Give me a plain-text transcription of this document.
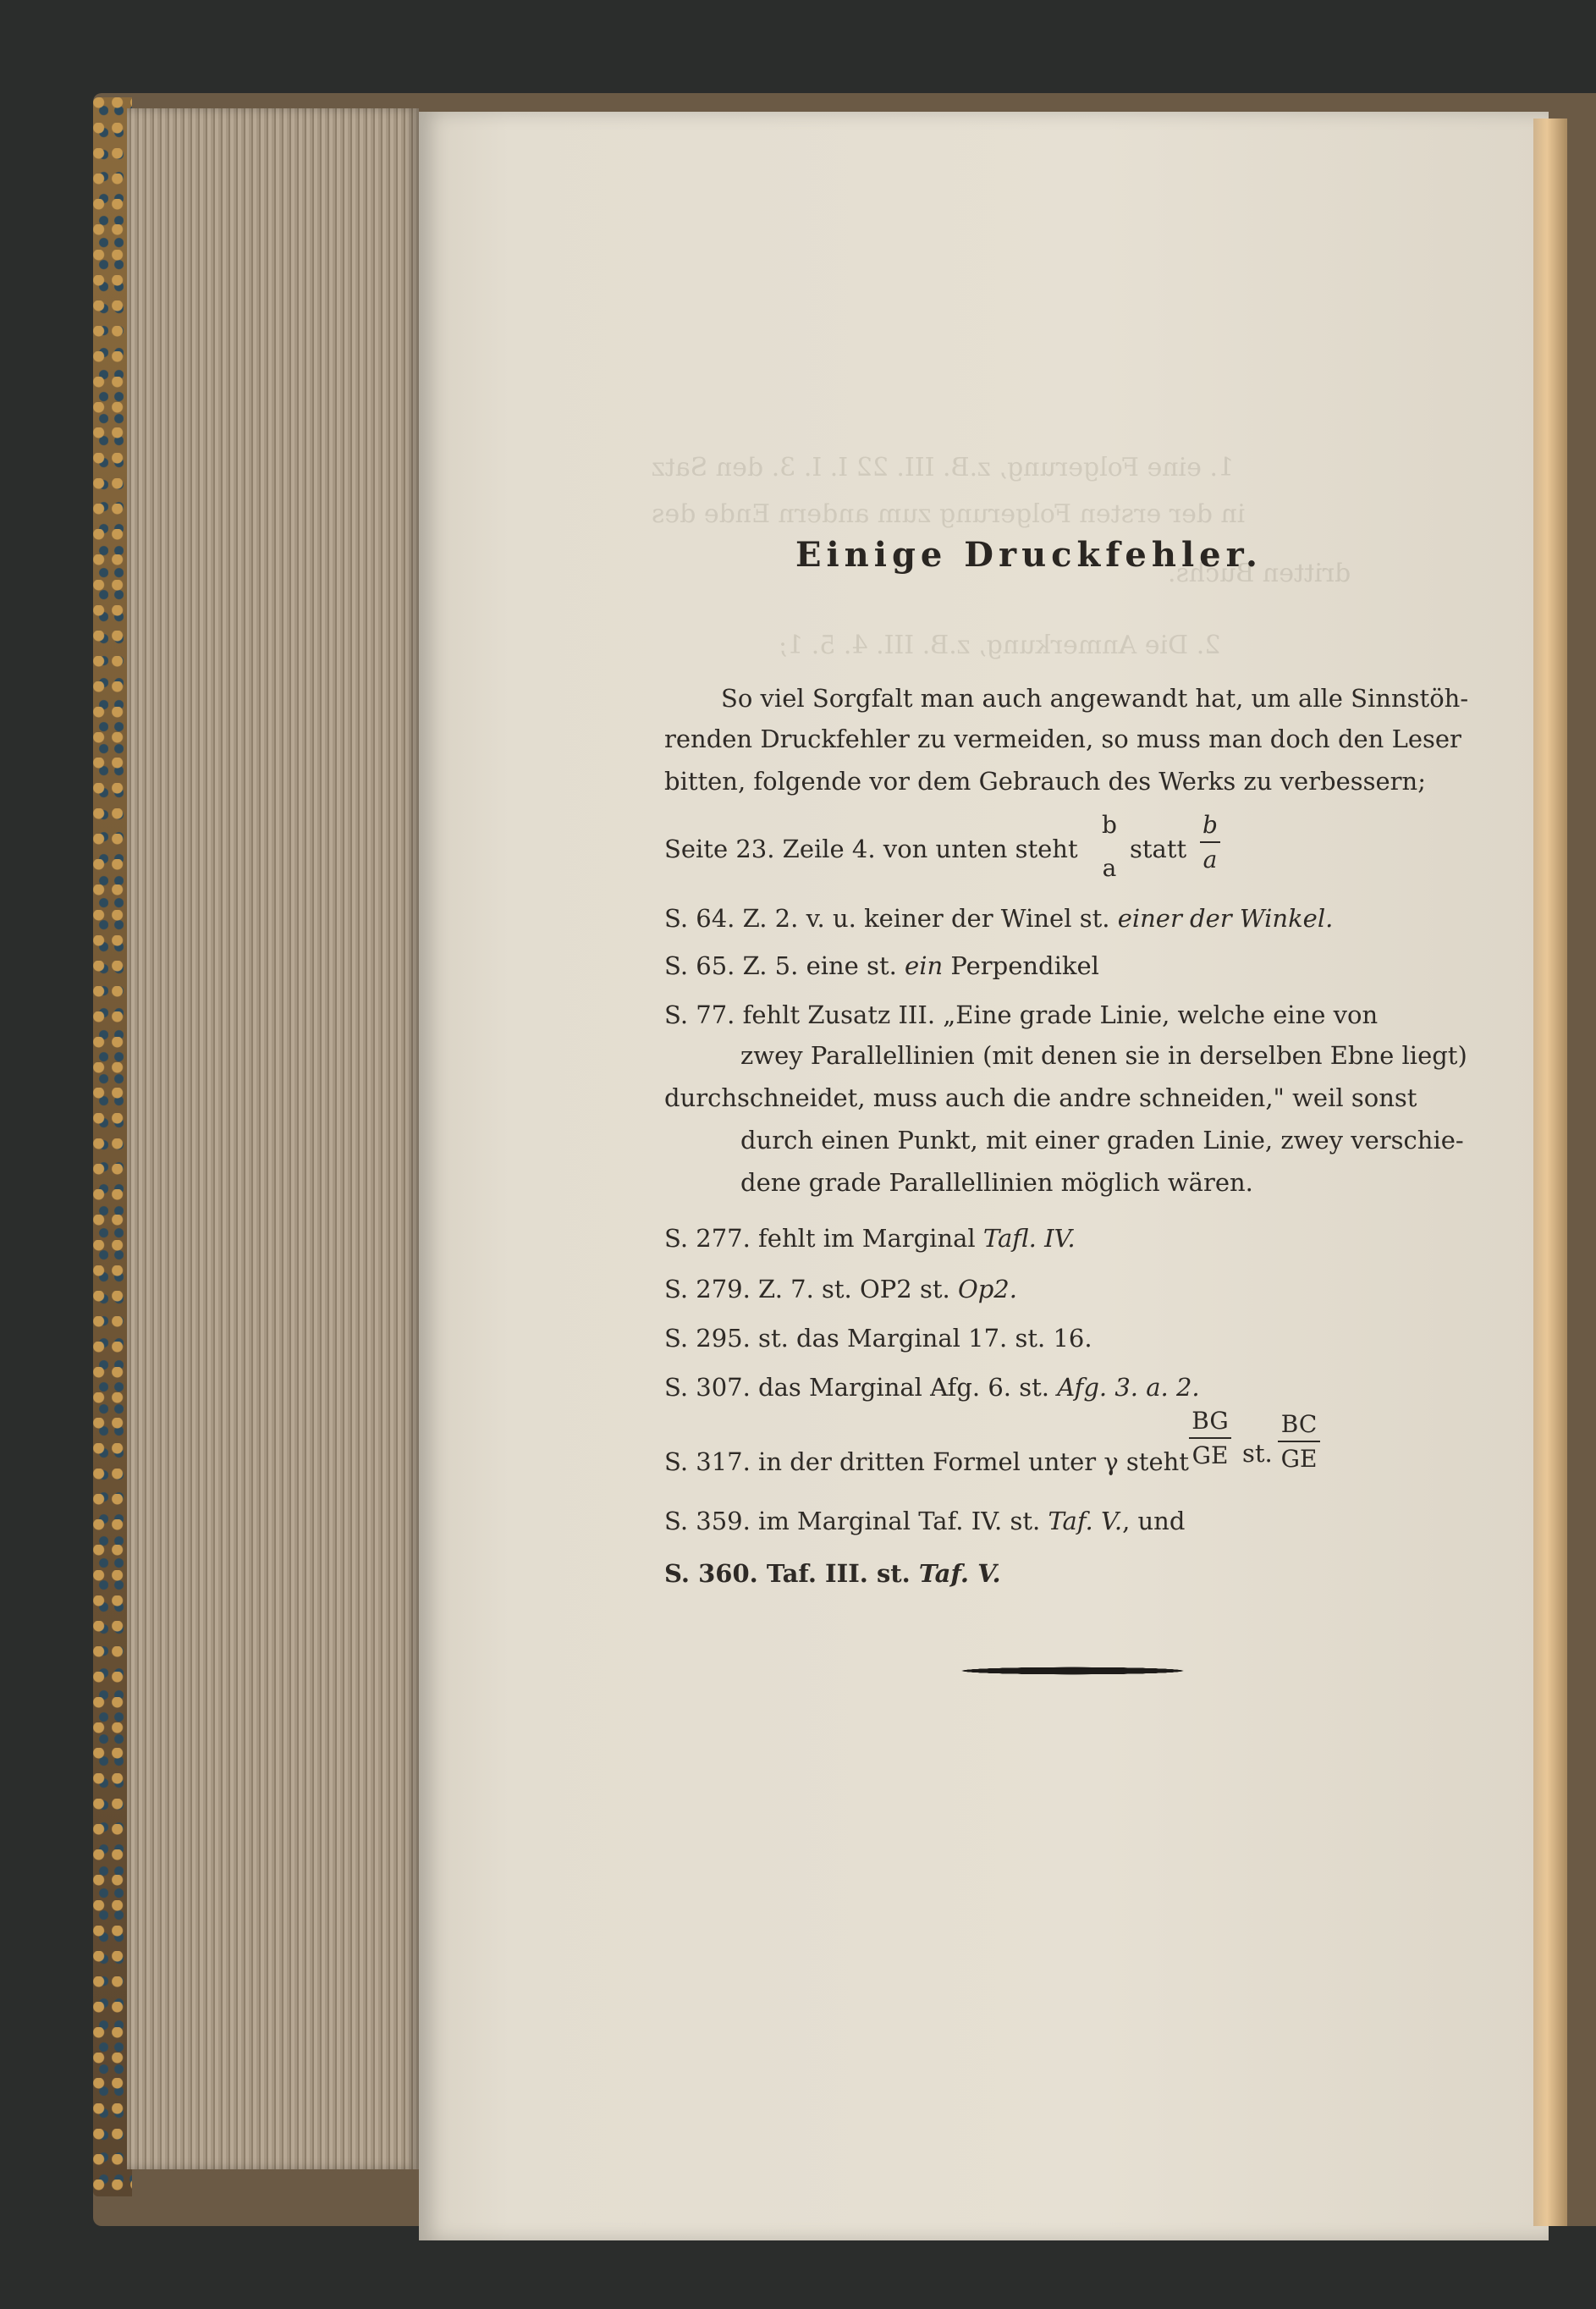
1. eine Folgerung, z.B. III. 22 I. I. 3. den Satz
in der ersten Folgerung zum andern Ende des
dritten Buchs.
2. Die Anmerkung, z.B. III. 4. 5. 1;
Einige Druckfehler.
So viel Sorgfalt man auch angewandt hat, um alle Sinnstöh-
renden Druckfehler zu vermeiden, so muss man doch den Leser
bitten, folgende vor dem Gebrauch des Werks zu verbessern;
Seite 23. Zeile 4. von unten steht
b
a
statt
b
a
S. 64. Z. 2. v. u. keiner der Winel st. einer der Winkel.
S. 65. Z. 5. eine st. ein Perpendikel
S. 77. fehlt Zusatz III. „Eine grade Linie, welche eine von
zwey Parallellinien (mit denen sie in derselben Ebne liegt)
durchschneidet, muss auch die andre schneiden," weil sonst
durch einen Punkt, mit einer graden Linie, zwey verschie-
dene grade Parallellinien möglich wären.
S. 277. fehlt im Marginal Tafl. IV.
S. 279. Z. 7. st. OP2 st. Op2.
S. 295. st. das Marginal 17. st. 16.
S. 307. das Marginal Afg. 6. st. Afg. 3. a. 2.
S. 317. in der dritten Formel unter γ steht
BG
GE st.
BC
GE
S. 359. im Marginal Taf. IV. st. Taf. V., und
S. 360. Taf. III. st. Taf. V.
